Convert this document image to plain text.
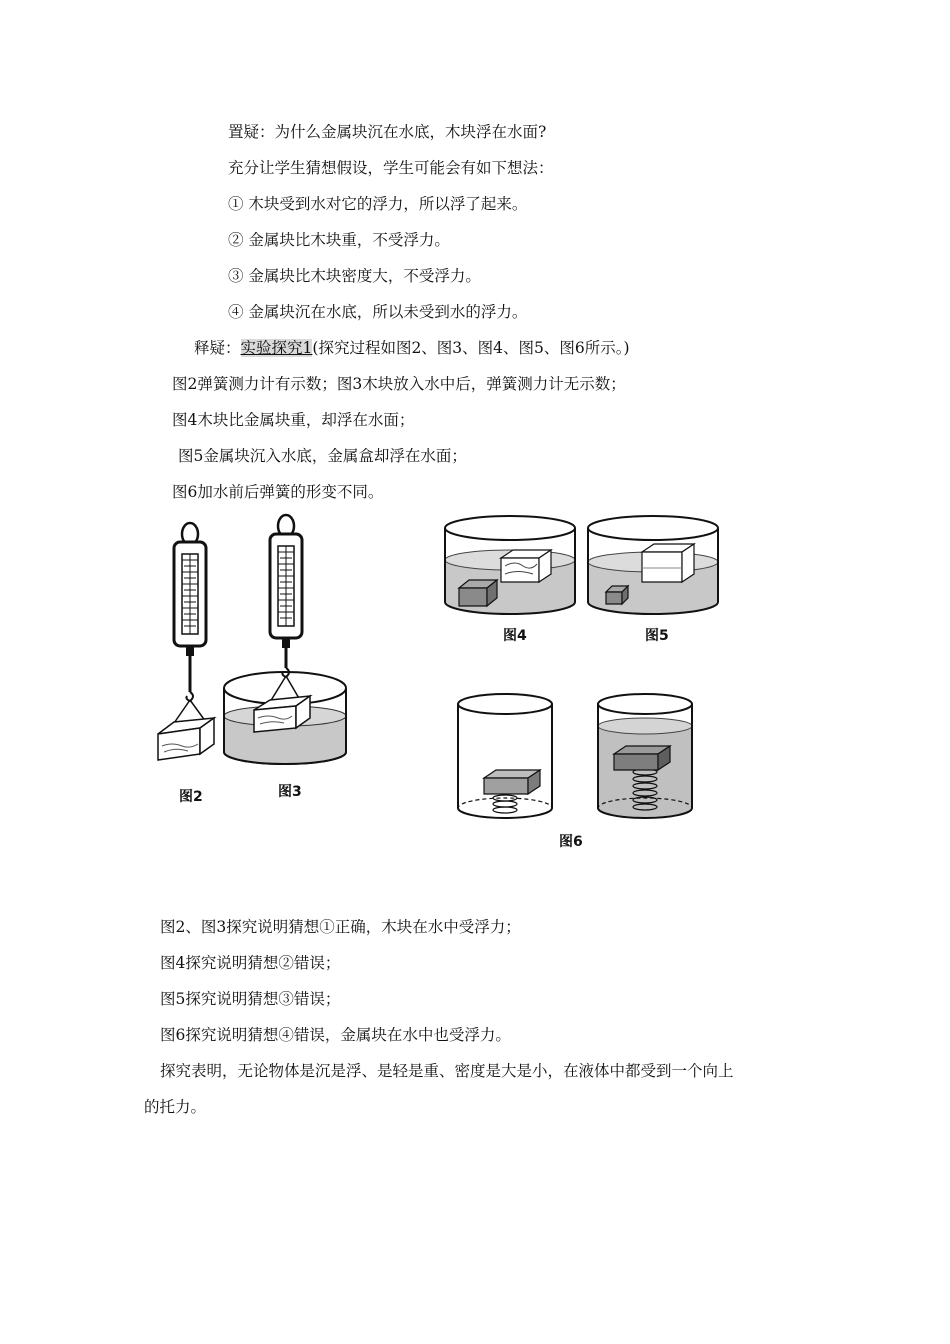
置疑：为什么金属块沉在水底，木块浮在水面?
充分让学生猜想假设，学生可能会有如下想法：
① 木块受到水对它的浮力，所以浮了起来。
② 金属块比木块重，不受浮力。
③ 金属块比木块密度大，不受浮力。
④ 金属块沉在水底，所以未受到水的浮力。
释疑：实验探究1(探究过程如图2、图3、图4、图5、图6所示。)
图2弹簧测力计有示数；图3木块放入水中后，弹簧测力计无示数；
图4木块比金属块重，却浮在水面；
图5金属块沉入水底，金属盒却浮在水面；
图6加水前后弹簧的形变不同。
图2	图3
图4	图5
图6
图2、图3探究说明猜想①正确，木块在水中受浮力；
图4探究说明猜想②错误；
图5探究说明猜想③错误；
图6探究说明猜想④错误，金属块在水中也受浮力。
探究表明，无论物体是沉是浮、是轻是重、密度是大是小，在液体中都受到一个向上
的托力。
